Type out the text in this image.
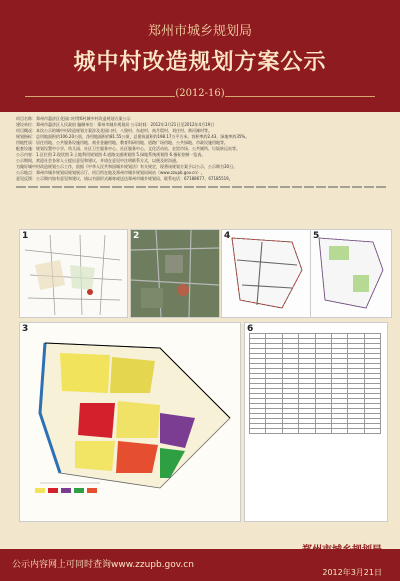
郑州市城乡规划局
城中村改造规划方案公示
(2012-16)
项目名称：郑州市惠济区花园口村等6村城中村改造规划方案公示
建设单位：郑州市惠济区人民政府 编制单位：郑州市城乡规划局 公示时间：2012年3月21日至2012年4月19日
项目概况：本次公示的城中村改造规划方案涉及花园口村、八堡村、东赵村、南月堤村、刘庄村、黄河滩村等。
规划指标：总用地面积约106.20公顷，净用地面积约81.55公顷，总建筑面积约198.17万平方米，容积率约2.43，绿地率约35%。
用地性质：居住用地、公共服务设施用地、商业金融用地、教育科研用地、道路广场用地、公共绿地、市政设施用地等。
配套设施：规划设置中小学、幼儿园、社区卫生服务中心、社区服务中心、文化活动站、农贸市场、公共厕所、垃圾转运站等。
公示内容：1.区位图 2.现状图 3.土地利用规划图 4.道路交通规划图 5.绿地系统规划图 6.指标控制一览表。
公示期间，欢迎社会各界人士提出意见和建议，并请在意见中注明联系方式，以便及时沟通。
为做好城中村改造规划公示工作，依据《中华人民共和国城乡规划法》有关规定，现将该规划方案予以公示，公示期为30日。
公示地点：郑州市城乡规划局规划展示厅、项目所在地及郑州市城乡规划局网站（www.zzupb.gov.cn）。
意见反馈：公示期内如有意见和建议，请以书面形式邮寄或送达郑州市城乡规划局，联系电话：67188677、67185519。
1	2	4	5
3	6

公示内容网上可同时查询www.zzupb.gov.cn
2012年3月21日
